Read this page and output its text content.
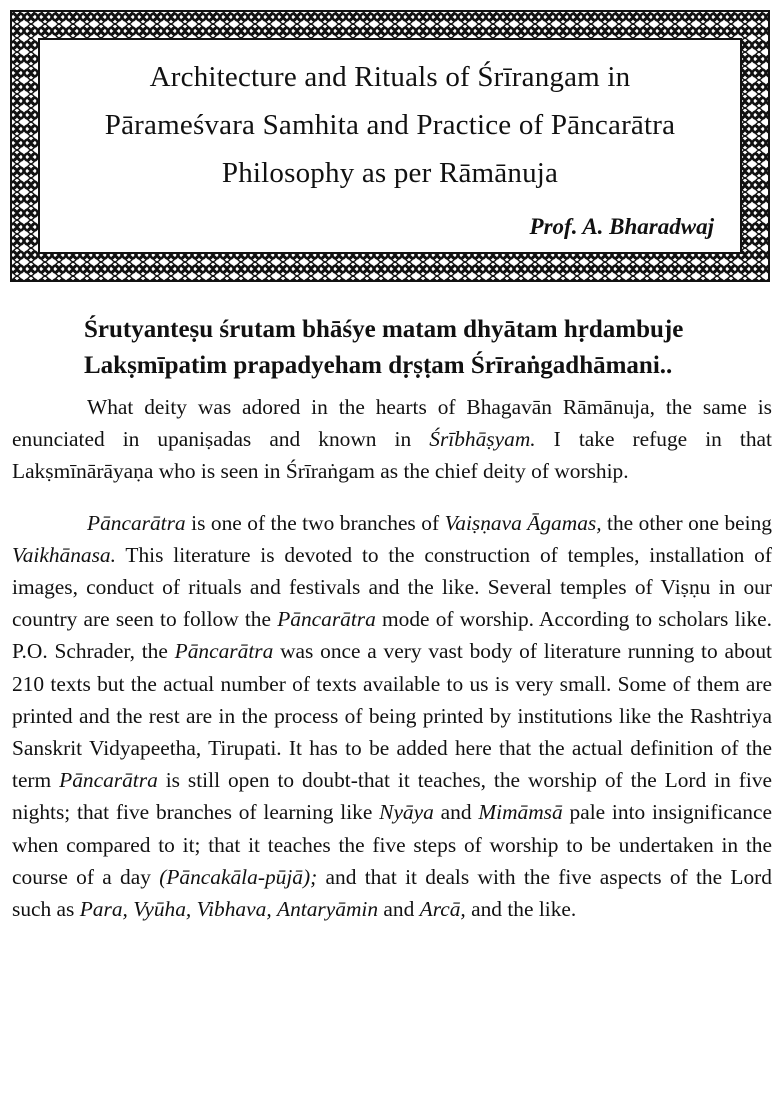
Architecture and Rituals of Śrīrangam in
Pārameśvara Samhita and Practice of Pāncarātra
Philosophy as per Rāmānuja
Prof. A. Bharadwaj
Śrutyanteṣu śrutam bhāśye matam dhyātam hṛdambuje
Lakṣmīpatim prapadyeham dṛṣṭam Śrīraṅgadhāmani..

What deity was adored in the hearts of Bhagavān Rāmānuja, the same is enunciated in upaniṣadas and known in Śrībhāṣyam. I take refuge in that Lakṣmīnārāyaṇa who is seen in Śrīraṅgam as the chief deity of worship.

Pāncarātra is one of the two branches of Vaiṣṇava Āgamas, the other one being Vaikhānasa. This literature is devoted to the construction of temples, installation of images, conduct of rituals and festivals and the like. Several temples of Viṣṇu in our country are seen to follow the Pāncarātra mode of worship. According to scholars like. P.O. Schrader, the Pāncarātra was once a very vast body of literature running to about 210 texts but the actual number of texts available to us is very small. Some of them are printed and the rest are in the process of being printed by institutions like the Rashtriya Sanskrit Vidyapeetha, Tirupati. It has to be added here that the actual definition of the term Pāncarātra is still open to doubt-that it teaches, the worship of the Lord in five nights; that five branches of learning like Nyāya and Mimāmsā pale into insignificance when compared to it; that it teaches the five steps of worship to be undertaken in the course of a day (Pāncakāla-pūjā); and that it deals with the five aspects of the Lord such as Para, Vyūha, Vibhava, Antaryāmin and Arcā, and the like.
